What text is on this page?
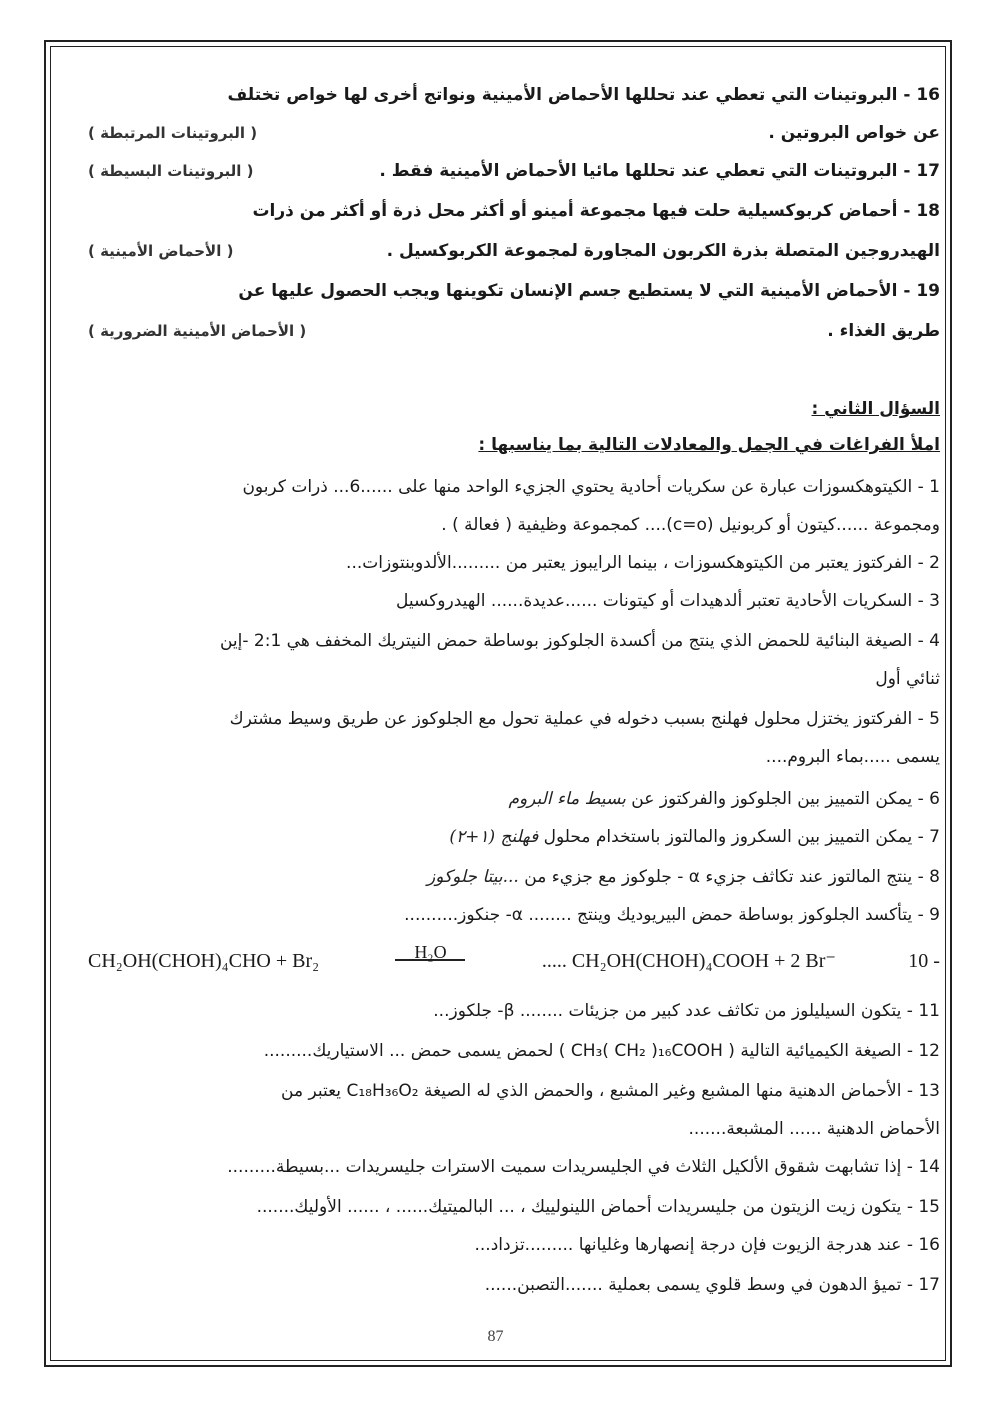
16 - البروتينات التي تعطي عند تحللها الأحماض الأمينية ونواتج أخرى لها خواص تختلف
عن خواص البروتين .
( البروتينات المرتبطة )
17 - البروتينات التي تعطي عند تحللها مائيا الأحماض الأمينية فقط .
( البروتينات البسيطة )
18 - أحماض كربوكسيلية حلت فيها مجموعة أمينو أو أكثر محل ذرة أو أكثر من ذرات
الهيدروجين المتصلة بذرة الكربون المجاورة لمجموعة الكربوكسيل .
( الأحماض الأمينية )
19 - الأحماض الأمينية التي لا يستطيع جسم الإنسان تكوينها ويجب الحصول عليها عن
طريق الغذاء .
( الأحماض الأمينية الضرورية )
السؤال الثاني :
املأ الفراغات في الجمل والمعادلات التالية بما يناسبها :
1 - الكيتوهكسوزات عبارة عن سكريات أحادية يحتوي الجزيء الواحد منها على ......6... ذرات كربون
ومجموعة ......كيتون أو كربونيل (c=o).... كمجموعة وظيفية ( فعالة ) .
2 - الفركتوز يعتبر من الكيتوهكسوزات ، بينما الرايبوز يعتبر من .........الألدوبنتوزات...
3 - السكريات الأحادية تعتبر ألدهيدات أو كيتونات ......عديدة...... الهيدروكسيل
4 - الصيغة البنائية للحمض الذي ينتج من أكسدة الجلوكوز بوساطة حمض النيتريك المخفف هي 2:1 -إين
ثنائي أول
5 - الفركتوز يختزل محلول فهلنج بسبب دخوله في عملية تحول مع الجلوكوز عن طريق وسيط مشترك
يسمى .....بماء البروم....
6 - يمكن التمييز بين الجلوكوز والفركتوز عن بسيط ماء البروم
7 - يمكن التمييز بين السكروز والمالتوز باستخدام محلول فهلنج (١+٢)
8 - ينتج المالتوز عند تكاثف جزيء α - جلوكوز مع جزيء من ...بيتا جلوكوز
9 - يتأكسد الجلوكوز بوساطة حمض البيريوديك وينتج ........ α- جنكوز..........
CH₂OH(CHOH)₄CHO + Br₂	H₂O	..... CH₂OH(CHOH)₄COOH + 2 Br⁻	10 -
11 - يتكون السيليلوز من تكاثف عدد كبير من جزيئات ........ β- جلكوز...
12 - الصيغة الكيميائية التالية ( CH₃( CH₂ )₁₆COOH ) لحمض يسمى حمض ... الاستياريك.........
13 - الأحماض الدهنية منها المشبع وغير المشبع ، والحمض الذي له الصيغة C₁₈H₃₆O₂ يعتبر من
الأحماض الدهنية ...... المشبعة.......
14 - إذا تشابهت شقوق الألكيل الثلاث في الجليسريدات سميت الاسترات جليسريدات ...بسيطة.........
15 - يتكون زيت الزيتون من جليسريدات أحماض اللينولييك ، ... البالميتيك...... ، ...... الأوليك.......
16 - عند هدرجة الزيوت فإن درجة إنصهارها وغليانها .........تزداد...
17 - تميؤ الدهون في وسط قلوي يسمى بعملية .......التصبن......
87
